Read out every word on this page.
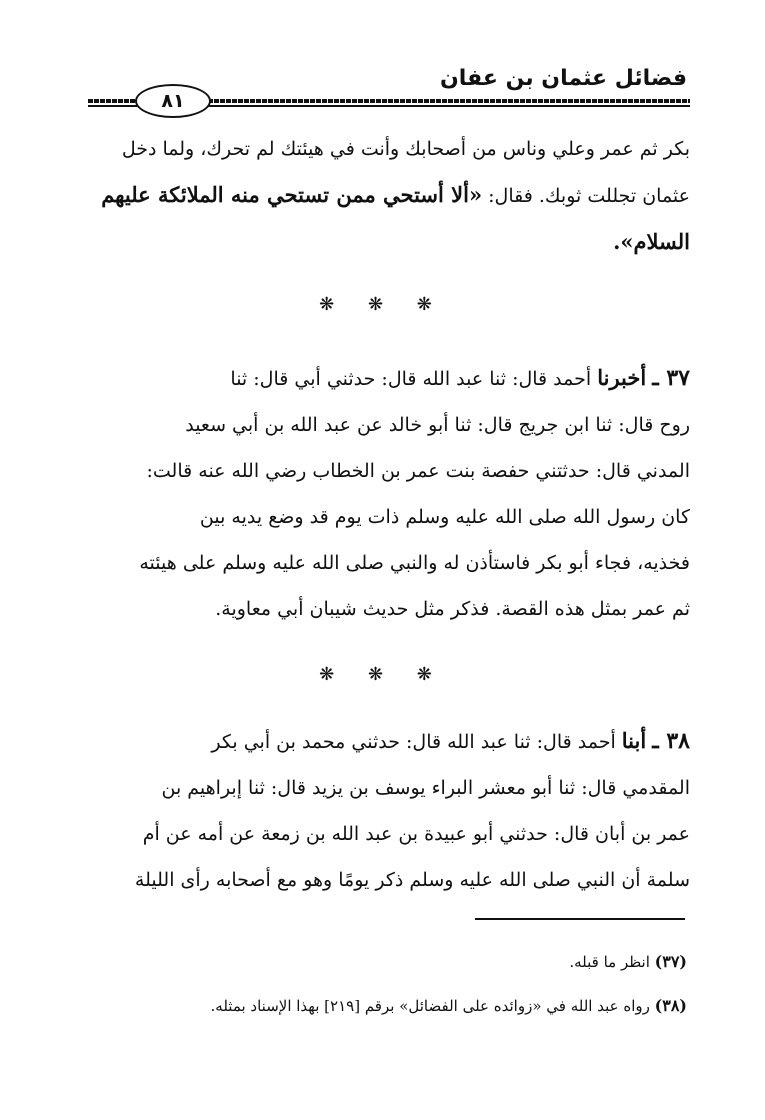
فضائل عثمان بن عفان
٨١
بكر ثم عمر وعلي وناس من أصحابك وأنت في هيئتك لم تحرك، ولما دخل
عثمان تجللت ثوبك. فقال: «ألا أستحي ممن تستحي منه الملائكة عليهم
السلام».
❋ ❋ ❋
٣٧ ـ أخبرنا أحمد قال: ثنا عبد الله قال: حدثني أبي قال: ثنا
روح قال: ثنا ابن جريج قال: ثنا أبو خالد عن عبد الله بن أبي سعيد
المدني قال: حدثتني حفصة بنت عمر بن الخطاب رضي الله عنه قالت:
كان رسول الله صلى الله عليه وسلم ذات يوم قد وضع يديه بين
فخذيه، فجاء أبو بكر فاستأذن له والنبي صلى الله عليه وسلم على هيئته
ثم عمر بمثل هذه القصة. فذكر مثل حديث شيبان أبي معاوية.
❋ ❋ ❋
٣٨ ـ أبنا أحمد قال: ثنا عبد الله قال: حدثني محمد بن أبي بكر
المقدمي قال: ثنا أبو معشر البراء يوسف بن يزيد قال: ثنا إبراهيم بن
عمر بن أبان قال: حدثني أبو عبيدة بن عبد الله بن زمعة عن أمه عن أم
سلمة أن النبي صلى الله عليه وسلم ذكر يومًا وهو مع أصحابه رأى الليلة
(٣٧) انظر ما قبله.
(٣٨) رواه عبد الله في «زوائده على الفضائل» برقم [٢١٩] بهذا الإسناد بمثله.
